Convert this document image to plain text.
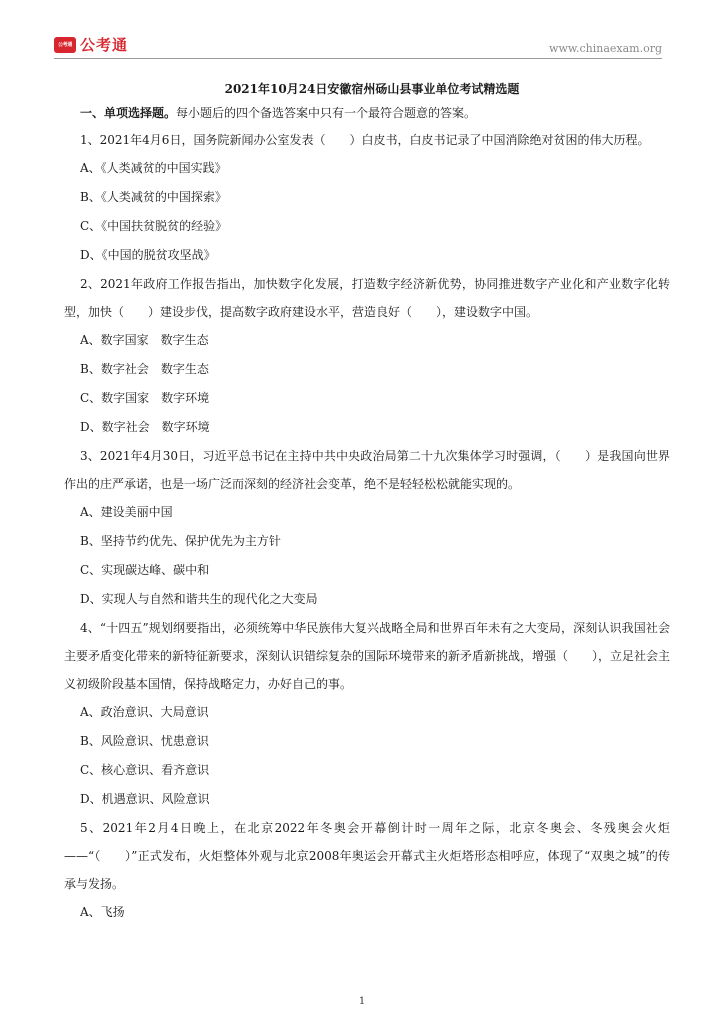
公考通 公考通	www.chinaexam.org
2021年10月24日安徽宿州砀山县事业单位考试精选题
一、单项选择题。每小题后的四个备选答案中只有一个最符合题意的答案。

1、2021年4月6日，国务院新闻办公室发表（　　）白皮书，白皮书记录了中国消除绝对贫困的伟大历程。

A、《人类减贫的中国实践》
B、《人类减贫的中国探索》
C、《中国扶贫脱贫的经验》
D、《中国的脱贫攻坚战》

2、2021年政府工作报告指出，加快数字化发展，打造数字经济新优势，协同推进数字产业化和产业数字化转型，加快（　　）建设步伐，提高数字政府建设水平，营造良好（　　），建设数字中国。

A、数字国家　数字生态
B、数字社会　数字生态
C、数字国家　数字环境
D、数字社会　数字环境

3、2021年4月30日，习近平总书记在主持中共中央政治局第二十九次集体学习时强调，（　　）是我国向世界作出的庄严承诺，也是一场广泛而深刻的经济社会变革，绝不是轻轻松松就能实现的。

A、建设美丽中国
B、坚持节约优先、保护优先为主方针
C、实现碳达峰、碳中和
D、实现人与自然和谐共生的现代化之大变局

4、“十四五”规划纲要指出，必须统筹中华民族伟大复兴战略全局和世界百年未有之大变局，深刻认识我国社会主要矛盾变化带来的新特征新要求，深刻认识错综复杂的国际环境带来的新矛盾新挑战，增强（　　），立足社会主义初级阶段基本国情，保持战略定力，办好自己的事。

A、政治意识、大局意识
B、风险意识、忧患意识
C、核心意识、看齐意识
D、机遇意识、风险意识

5、2021年2月4日晚上，在北京2022年冬奥会开幕倒计时一周年之际，北京冬奥会、冬残奥会火炬——“（　　）”正式发布，火炬整体外观与北京2008年奥运会开幕式主火炬塔形态相呼应，体现了“双奥之城”的传承与发扬。

A、飞扬
1
